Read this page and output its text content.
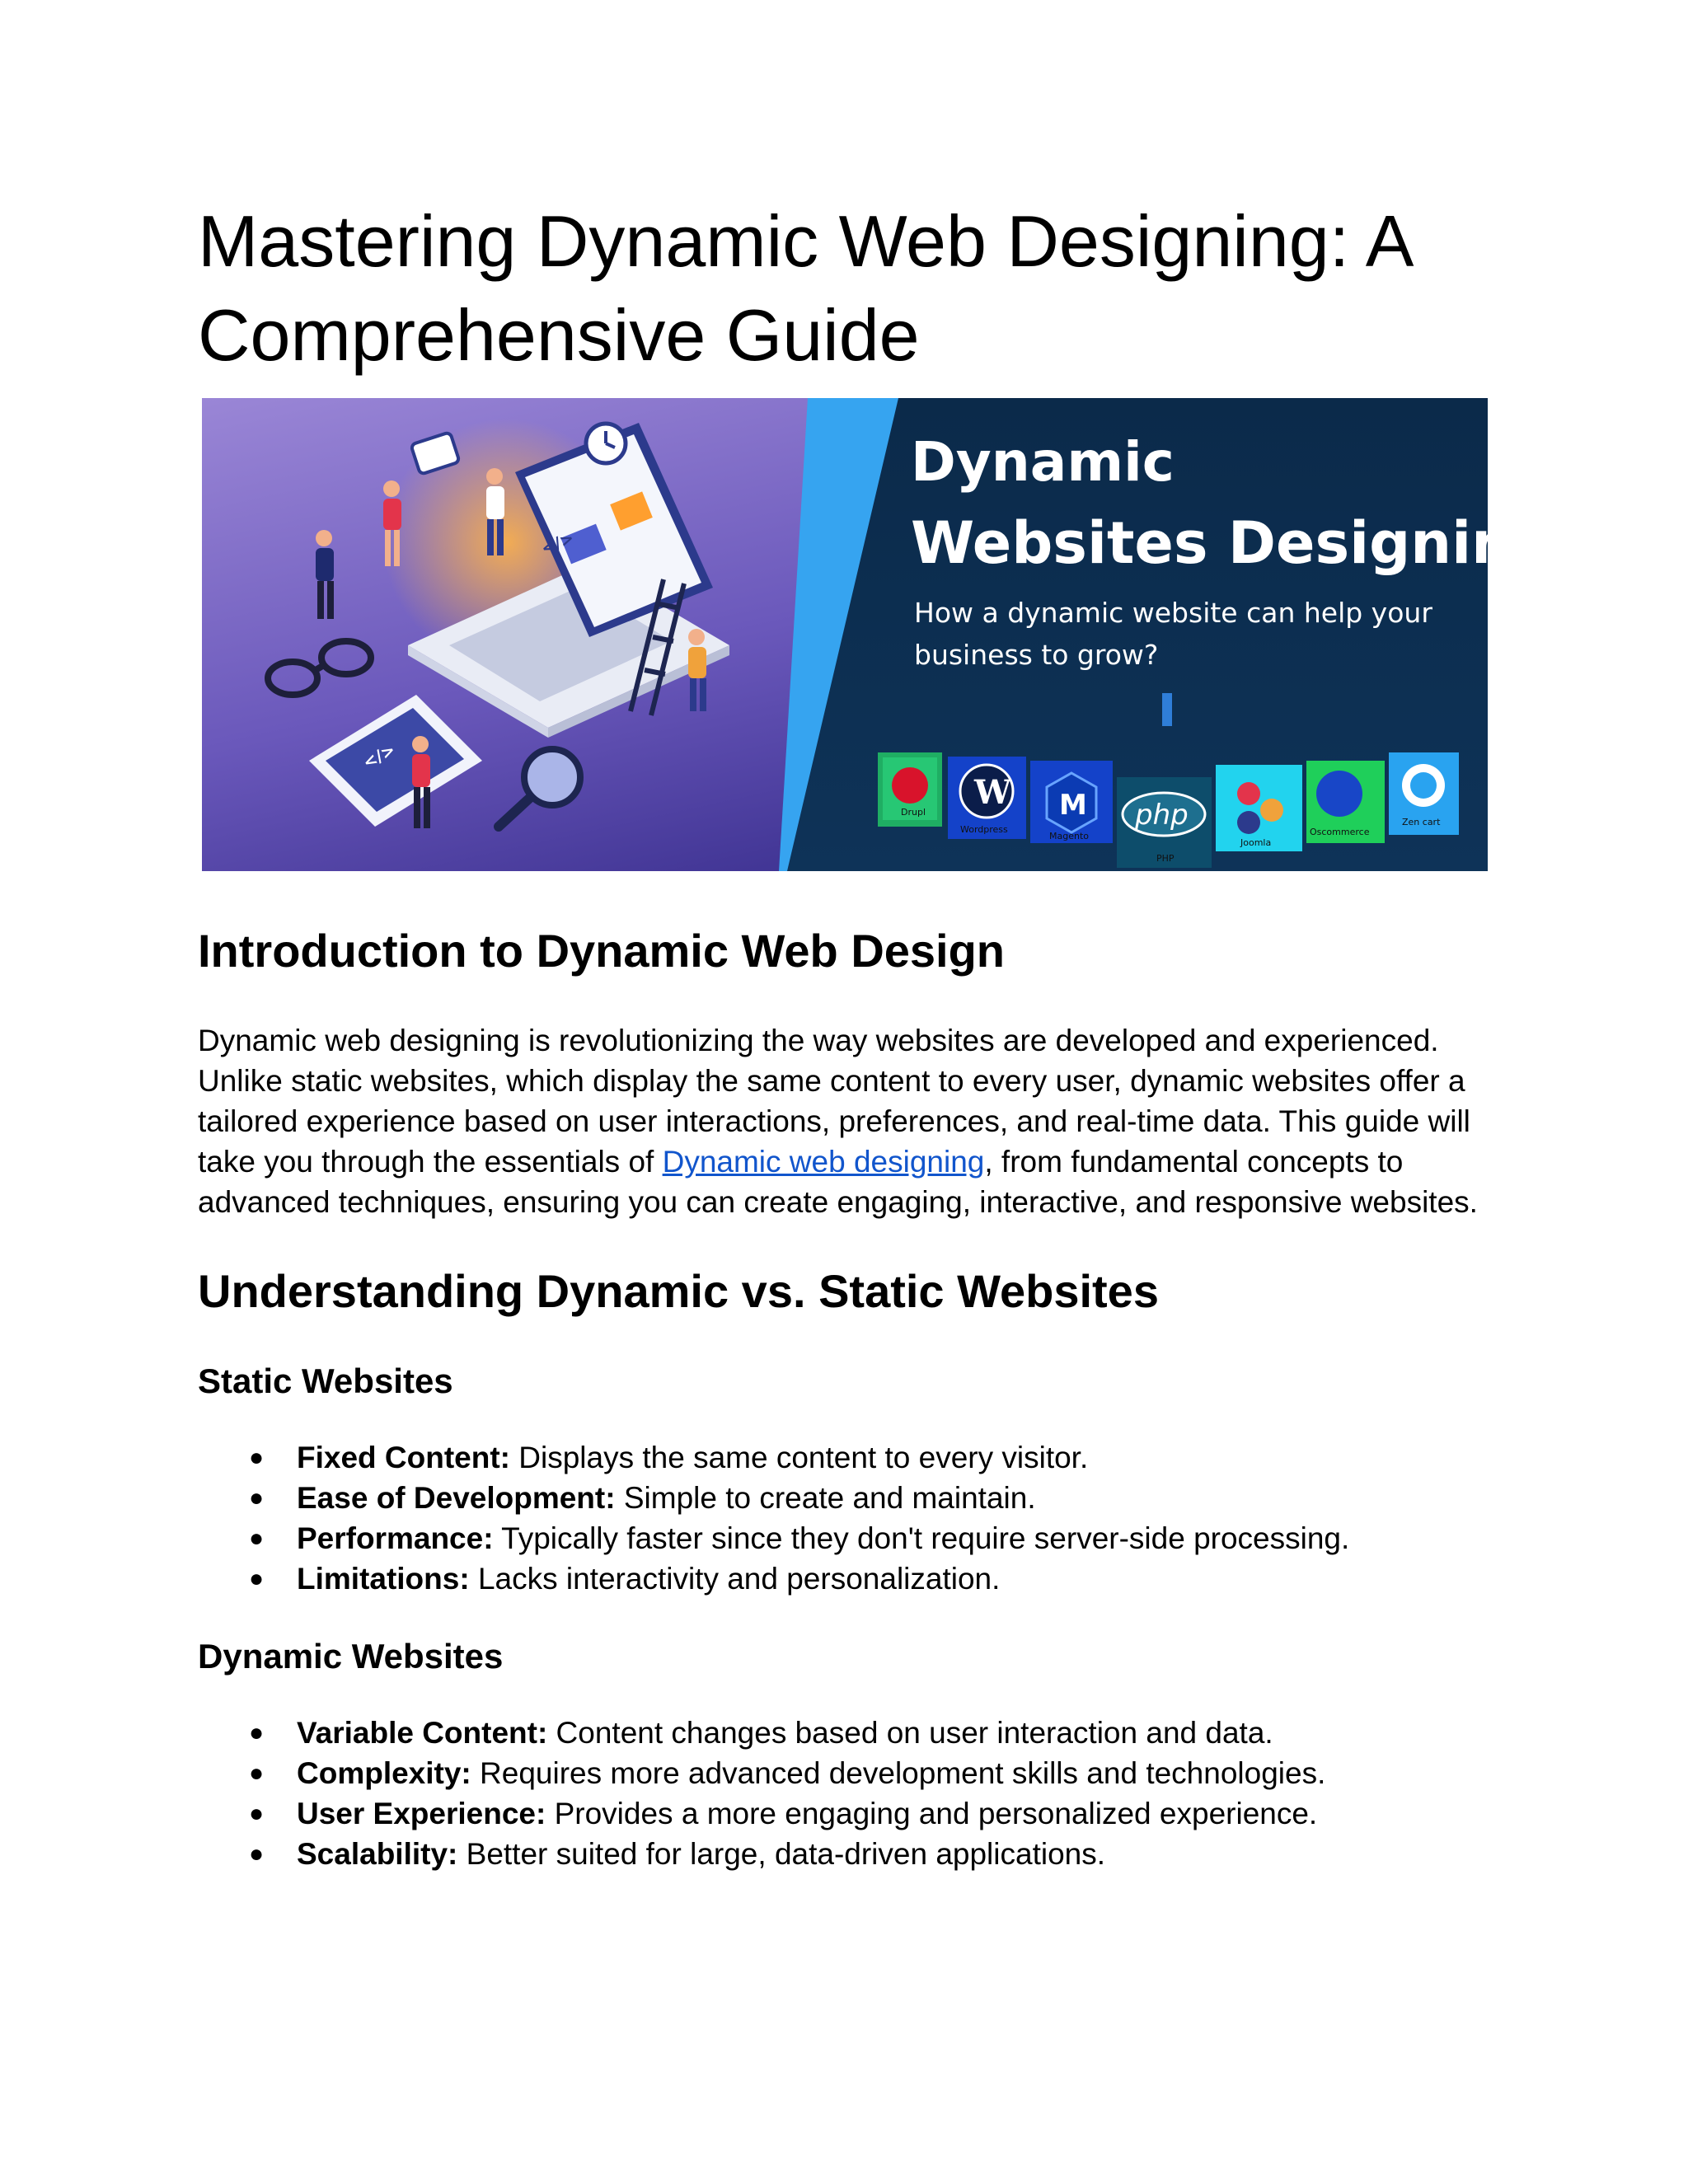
Mastering Dynamic Web Designing: A Comprehensive Guide
</>
</>
Dynamic
Websites Designing
How a dynamic website can help your
business to grow?
Drupl
W
Wordpress
M
Magento
php
PHP
Joomla
Oscommerce
Zen cart
Introduction to Dynamic Web Design

Dynamic web designing is revolutionizing the way websites are developed and experienced. Unlike static websites, which display the same content to every user, dynamic websites offer a tailored experience based on user interactions, preferences, and real-time data. This guide will take you through the essentials of Dynamic web designing, from fundamental concepts to advanced techniques, ensuring you can create engaging, interactive, and responsive websites.

Understanding Dynamic vs. Static Websites
Static Websites
● Fixed Content: Displays the same content to every visitor.
● Ease of Development: Simple to create and maintain.
● Performance: Typically faster since they don't require server-side processing.
● Limitations: Lacks interactivity and personalization.
Dynamic Websites
● Variable Content: Content changes based on user interaction and data.
● Complexity: Requires more advanced development skills and technologies.
● User Experience: Provides a more engaging and personalized experience.
● Scalability: Better suited for large, data-driven applications.
